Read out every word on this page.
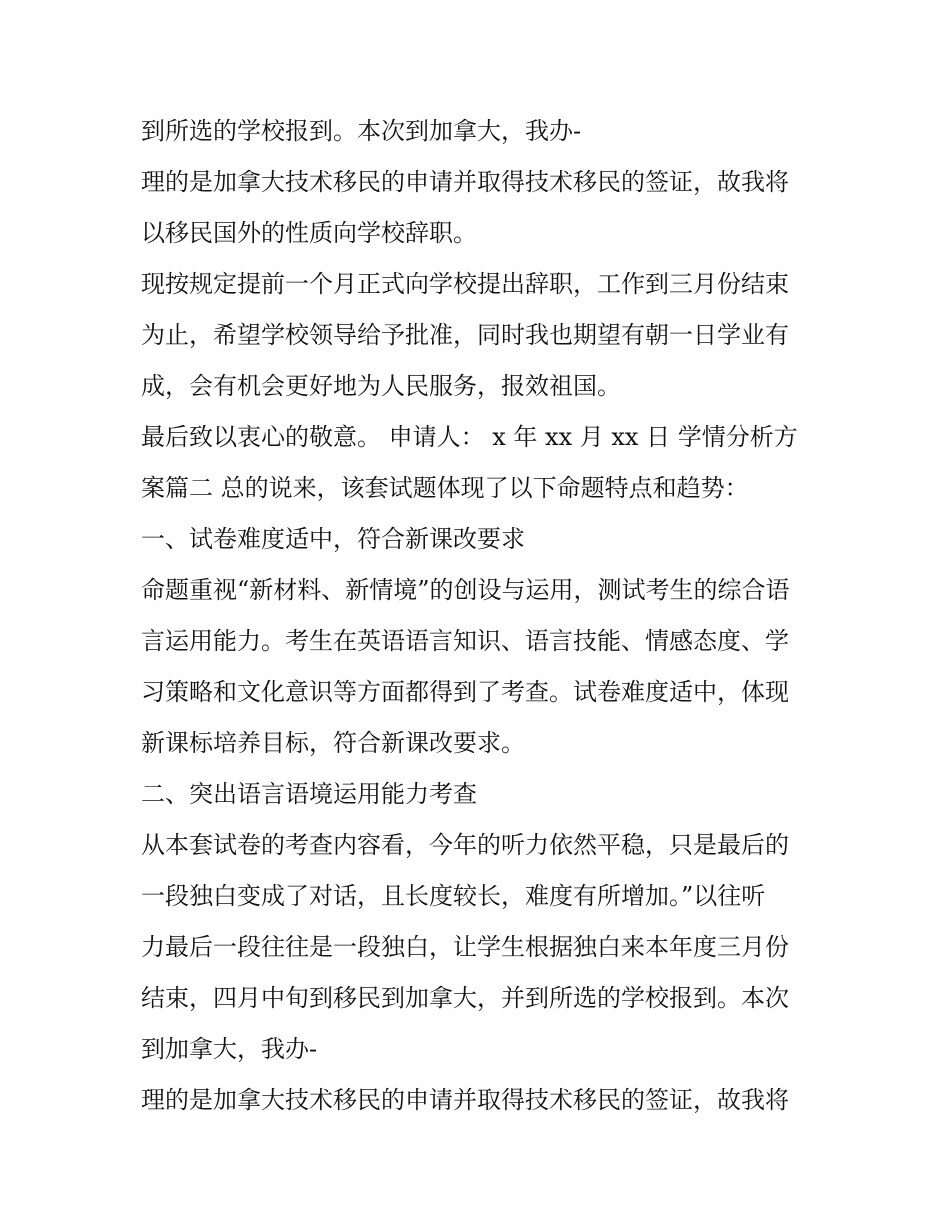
到所选的学校报到。本次到加拿大，我办-
理的是加拿大技术移民的申请并取得技术移民的签证，故我将
以移民国外的性质向学校辞职。
现按规定提前一个月正式向学校提出辞职，工作到三月份结束
为止，希望学校领导给予批准，同时我也期望有朝一日学业有
成，会有机会更好地为人民服务，报效祖国。
最后致以衷心的敬意。 申请人： x 年 xx 月 xx 日 学情分析方
案篇二 总的说来，该套试题体现了以下命题特点和趋势：
一、试卷难度适中，符合新课改要求
命题重视“新材料、新情境”的创设与运用，测试考生的综合语
言运用能力。考生在英语语言知识、语言技能、情感态度、学
习策略和文化意识等方面都得到了考查。试卷难度适中，体现
新课标培养目标，符合新课改要求。
二、突出语言语境运用能力考查
从本套试卷的考查内容看，今年的听力依然平稳，只是最后的
一段独白变成了对话，且长度较长，难度有所增加。”以往听
力最后一段往往是一段独白，让学生根据独白来本年度三月份
结束，四月中旬到移民到加拿大，并到所选的学校报到。本次
到加拿大，我办-
理的是加拿大技术移民的申请并取得技术移民的签证，故我将
